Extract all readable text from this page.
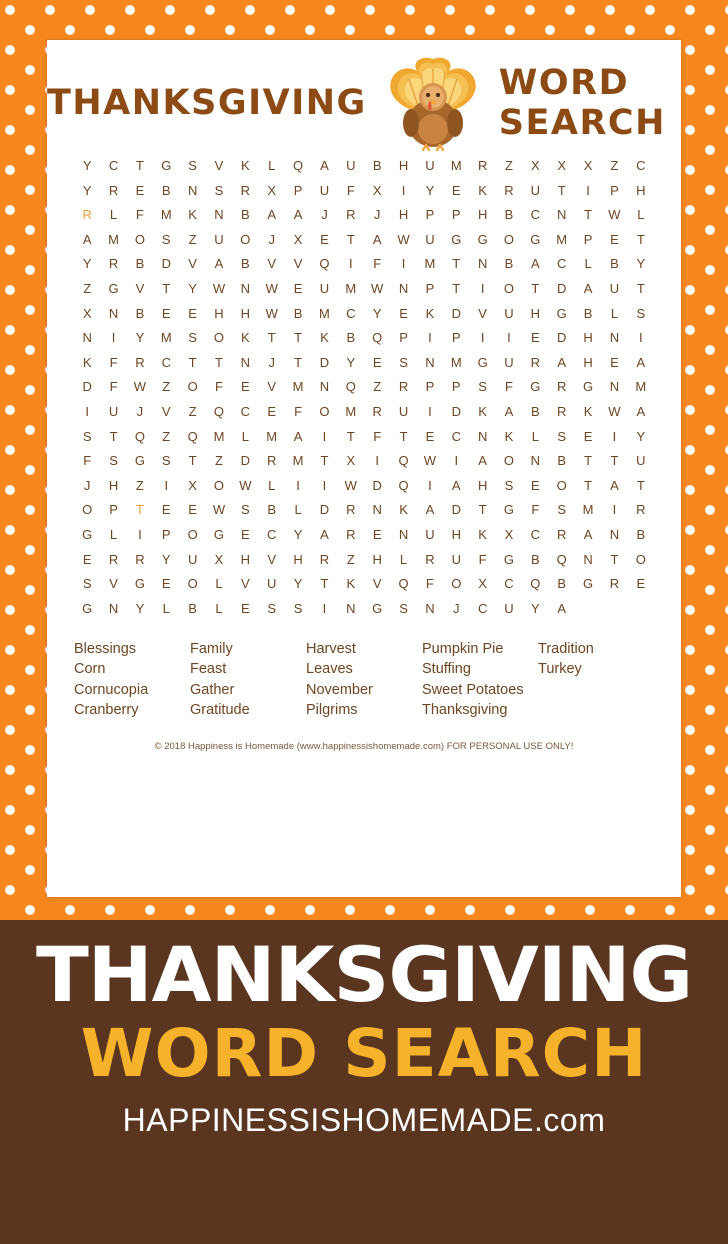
THANKSGIVING	WORD SEARCH
Y	C	T	G	S	V	K	L	Q	A	U	B	H	U	M	R	Z	X	X	X	Z	C
Y	R	E	B	N	S	R	X	P	U	F	X	I	Y	E	K	R	U	T	I	P	H
R	L	F	M	K	N	B	A	A	J	R	J	H	P	P	H	B	C	N	T	W	L
A	M	O	S	Z	U	O	J	X	E	T	A	W	U	G	G	O	G	M	P	E	T
Y	R	B	D	V	A	B	V	V	Q	I	F	I	M	T	N	B	A	C	L	B	Y
Z	G	V	T	Y	W	N	W	E	U	M	W	N	P	T	I	O	T	D	A	U	T
X	N	B	E	E	H	H	W	B	M	C	Y	E	K	D	V	U	H	G	B	L	S
N	I	Y	M	S	O	K	T	T	K	B	Q	P	I	P	I	I	E	D	H	N	I
K	F	R	C	T	T	N	J	T	D	Y	E	S	N	M	G	U	R	A	H	E	A
D	F	W	Z	O	F	E	V	M	N	Q	Z	R	P	P	S	F	G	R	G	N	M
I	U	J	V	Z	Q	C	E	F	O	M	R	U	I	D	K	A	B	R	K	W	A
S	T	Q	Z	Q	M	L	M	A	I	T	F	T	E	C	N	K	L	S	E	I	Y
F	S	G	S	T	Z	D	R	M	T	X	I	Q	W	I	A	O	N	B	T	T	U
J	H	Z	I	X	O	W	L	I	I	W	D	Q	I	A	H	S	E	O	T	A	T
O	P	T	E	E	W	S	B	L	D	R	N	K	A	D	T	G	F	S	M	I	R
G	L	I	P	O	G	E	C	Y	A	R	E	N	U	H	K	X	C	R	A	N	B
E	R	R	Y	U	X	H	V	H	R	Z	H	L	R	U	F	G	B	Q	N	T	O
S	V	G	E	O	L	V	U	Y	T	K	V	Q	F	O	X	C	Q	B	G	R	E
G	N	Y	L	B	L	E	S	S	I	N	G	S	N	J	C	U	Y	A
Blessings
Corn
Cornucopia
Cranberry
Family
Feast
Gather
Gratitude
Harvest
Leaves
November
Pilgrims
Pumpkin Pie
Stuffing
Sweet Potatoes
Thanksgiving
Tradition
Turkey
© 2018 Happiness is Homemade (www.happinessishomemade.com) FOR PERSONAL USE ONLY!
THANKSGIVING
WORD SEARCH
HAPPINESSISHOMEMADE.com
